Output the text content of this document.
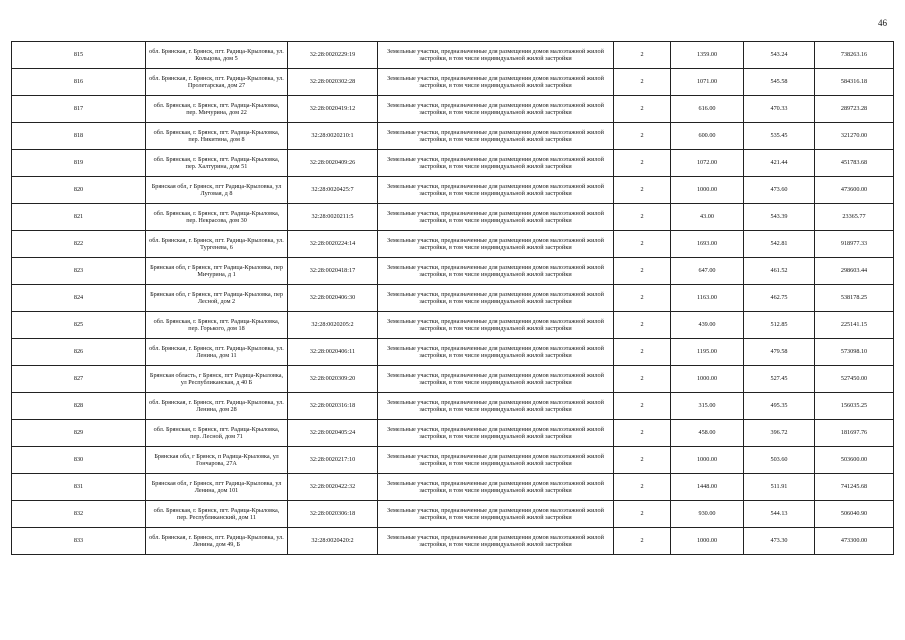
46
815	обл. Брянская, г. Брянск, пгт. Радица-Крыловка, ул. Кольцова, дом 5	32:28:0020229:19	Земельные участки, предназначенные для размещения домов малоэтажной жилой застройки, в том числе индивидуальной жилой застройки	2	1359.00	543.24	738263.16
816	обл. Брянская, г. Брянск, пгт. Радица-Крыловка, ул. Пролетарская, дом 27	32:28:0020302:28	Земельные участки, предназначенные для размещения домов малоэтажной жилой застройки, в том числе индивидуальной жилой застройки	2	1071.00	545.58	584316.18
817	обл. Брянская, г. Брянск, пгт. Радица-Крыловка, пер. Мичурина, дом 22	32:28:0020419:12	Земельные участки, предназначенные для размещения домов малоэтажной жилой застройки, в том числе индивидуальной жилой застройки	2	616.00	470.33	289723.28
818	обл. Брянская, г. Брянск, пгт. Радица-Крыловка, пер. Никитина, дом 8	32:28:0020210:1	Земельные участки, предназначенные для размещения домов малоэтажной жилой застройки, в том числе индивидуальной жилой застройки	2	600.00	535.45	321270.00
819	обл. Брянская, г. Брянск, пгт. Радица-Крыловка, пер. Халтурина, дом 51	32:28:0020409:26	Земельные участки, предназначенные для размещения домов малоэтажной жилой застройки, в том числе индивидуальной жилой застройки	2	1072.00	421.44	451783.68
820	Брянская обл, г Брянск, пгт Радица-Крыловка, ул Луговая, д 8	32:28:0020425:7	Земельные участки, предназначенные для размещения домов малоэтажной жилой застройки, в том числе индивидуальной жилой застройки	2	1000.00	473.60	473600.00
821	обл. Брянская, г. Брянск, пгт. Радица-Крыловка, пер. Некрасова, дом 30	32:28:0020211:5	Земельные участки, предназначенные для размещения домов малоэтажной жилой застройки, в том числе индивидуальной жилой застройки	2	43.00	543.39	23365.77
822	обл. Брянская, г. Брянск, пгт. Радица-Крыловка, ул. Тургенева, 6	32:28:0020224:14	Земельные участки, предназначенные для размещения домов малоэтажной жилой застройки, в том числе индивидуальной жилой застройки	2	1693.00	542.81	918977.33
823	Брянская обл, г Брянск, пгт Радица-Крыловка, пер Мичурина, д 1	32:28:0020418:17	Земельные участки, предназначенные для размещения домов малоэтажной жилой застройки, в том числе индивидуальной жилой застройки	2	647.00	461.52	298603.44
824	Брянская обл, г Брянск, пгт Радица-Крыловка, пер Лесной, дом 2	32:28:0020406:30	Земельные участки, предназначенные для размещения домов малоэтажной жилой застройки, в том числе индивидуальной жилой застройки	2	1163.00	462.75	538178.25
825	обл. Брянская, г. Брянск, пгт. Радица-Крыловка, пер. Горького, дом 18	32:28:0020205:2	Земельные участки, предназначенные для размещения домов малоэтажной жилой застройки, в том числе индивидуальной жилой застройки	2	439.00	512.85	225141.15
826	обл. Брянская, г. Брянск, пгт. Радица-Крыловка, ул. Ленина, дом 11	32:28:0020406:11	Земельные участки, предназначенные для размещения домов малоэтажной жилой застройки, в том числе индивидуальной жилой застройки	2	1195.00	479.58	573098.10
827	Брянская область, г Брянск, пгт Радица-Крыловка, ул Республиканская, д 40 Б	32:28:0020309:20	Земельные участки, предназначенные для размещения домов малоэтажной жилой застройки, в том числе индивидуальной жилой застройки	2	1000.00	527.45	527450.00
828	обл. Брянская, г. Брянск, пгт. Радица-Крыловка, ул. Ленина, дом 28	32:28:0020316:18	Земельные участки, предназначенные для размещения домов малоэтажной жилой застройки, в том числе индивидуальной жилой застройки	2	315.00	495.35	156035.25
829	обл. Брянская, г. Брянск, пгт. Радица-Крыловка, пер. Лесной, дом 71	32:28:0020405:24	Земельные участки, предназначенные для размещения домов малоэтажной жилой застройки, в том числе индивидуальной жилой застройки	2	458.00	396.72	181697.76
830	Брянская обл, г Брянск, п Радица-Крыловка, ул Гончарова, 27А	32:28:0020217:10	Земельные участки, предназначенные для размещения домов малоэтажной жилой застройки, в том числе индивидуальной жилой застройки	2	1000.00	503.60	503600.00
831	Брянская обл, г Брянск, пгт Радица-Крыловка, ул Ленина, дом 101	32:28:0020422:32	Земельные участки, предназначенные для размещения домов малоэтажной жилой застройки, в том числе индивидуальной жилой застройки	2	1448.00	511.91	741245.68
832	обл. Брянская, г. Брянск, пгт. Радица-Крыловка, пер. Республиканский, дом 11	32:28:0020306:18	Земельные участки, предназначенные для размещения домов малоэтажной жилой застройки, в том числе индивидуальной жилой застройки	2	930.00	544.13	506040.90
833	обл. Брянская, г. Брянск, пгт. Радица-Крыловка, ул. Ленина, дом 49, Б	32:28:0020420:2	Земельные участки, предназначенные для размещения домов малоэтажной жилой застройки, в том числе индивидуальной жилой застройки	2	1000.00	473.30	473300.00
